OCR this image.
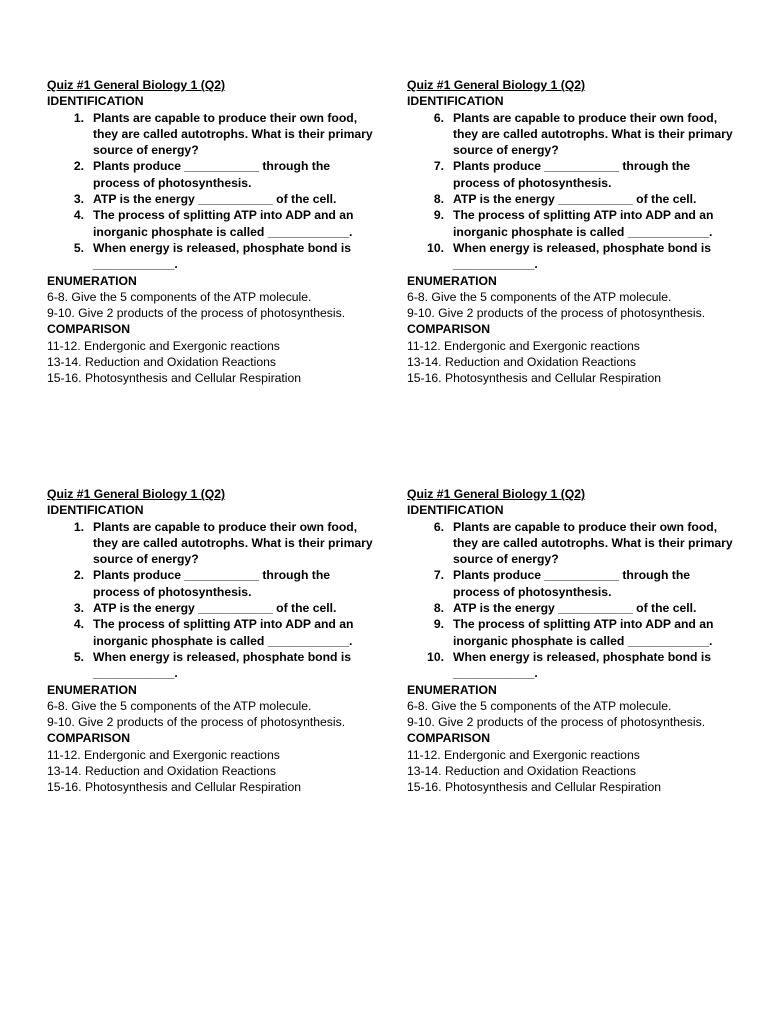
Quiz #1 General Biology 1 (Q2)
IDENTIFICATION
1. Plants are capable to produce their own food, they are called autotrophs. What is their primary source of energy?
2. Plants produce ___________ through the process of photosynthesis.
3. ATP is the energy ___________ of the cell.
4. The process of splitting ATP into ADP and an inorganic phosphate is called ____________.
5. When energy is released, phosphate bond is ____________.
ENUMERATION
6-8. Give the 5 components of the ATP molecule.
9-10. Give 2 products of the process of photosynthesis.
COMPARISON
11-12. Endergonic and Exergonic reactions
13-14. Reduction and Oxidation Reactions
15-16. Photosynthesis and Cellular Respiration
Quiz #1 General Biology 1 (Q2)
IDENTIFICATION
6. Plants are capable to produce their own food, they are called autotrophs. What is their primary source of energy?
7. Plants produce ___________ through the process of photosynthesis.
8. ATP is the energy ___________ of the cell.
9. The process of splitting ATP into ADP and an inorganic phosphate is called ____________.
10. When energy is released, phosphate bond is ____________.
ENUMERATION
6-8. Give the 5 components of the ATP molecule.
9-10. Give 2 products of the process of photosynthesis.
COMPARISON
11-12. Endergonic and Exergonic reactions
13-14. Reduction and Oxidation Reactions
15-16. Photosynthesis and Cellular Respiration
Quiz #1 General Biology 1 (Q2)
IDENTIFICATION
1. Plants are capable to produce their own food, they are called autotrophs. What is their primary source of energy?
2. Plants produce ___________ through the process of photosynthesis.
3. ATP is the energy ___________ of the cell.
4. The process of splitting ATP into ADP and an inorganic phosphate is called ____________.
5. When energy is released, phosphate bond is ____________.
ENUMERATION
6-8. Give the 5 components of the ATP molecule.
9-10. Give 2 products of the process of photosynthesis.
COMPARISON
11-12. Endergonic and Exergonic reactions
13-14. Reduction and Oxidation Reactions
15-16. Photosynthesis and Cellular Respiration
Quiz #1 General Biology 1 (Q2)
IDENTIFICATION
6. Plants are capable to produce their own food, they are called autotrophs. What is their primary source of energy?
7. Plants produce ___________ through the process of photosynthesis.
8. ATP is the energy ___________ of the cell.
9. The process of splitting ATP into ADP and an inorganic phosphate is called ____________.
10. When energy is released, phosphate bond is ____________.
ENUMERATION
6-8. Give the 5 components of the ATP molecule.
9-10. Give 2 products of the process of photosynthesis.
COMPARISON
11-12. Endergonic and Exergonic reactions
13-14. Reduction and Oxidation Reactions
15-16. Photosynthesis and Cellular Respiration
